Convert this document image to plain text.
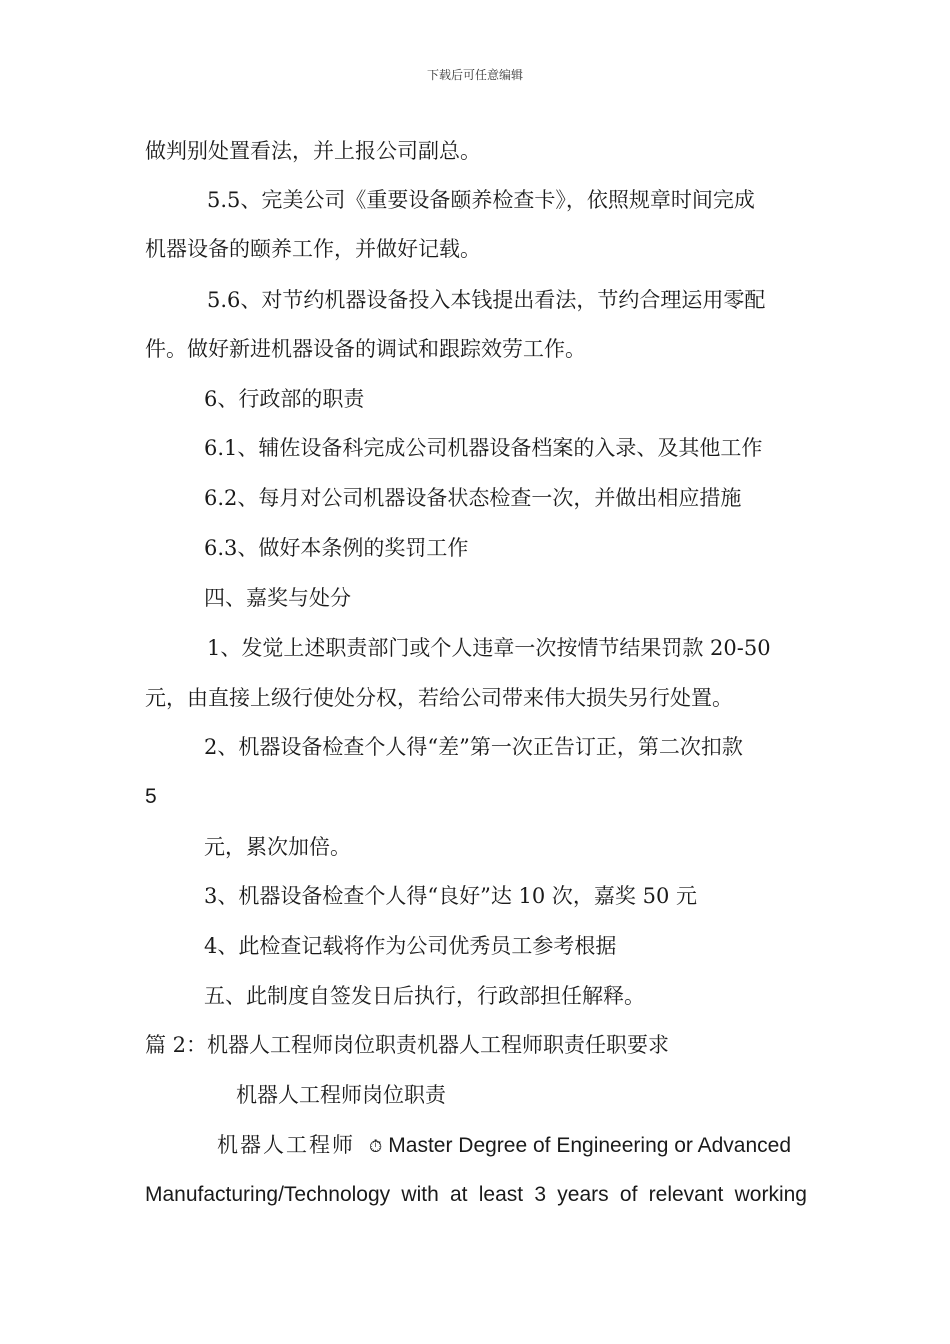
下载后可任意编辑
做判别处置看法，并上报公司副总。
5.5、完美公司《重要设备颐养检查卡》，依照规章时间完成
机器设备的颐养工作，并做好记载。
5.6、对节约机器设备投入本钱提出看法，节约合理运用零配
件。做好新进机器设备的调试和跟踪效劳工作。
6、行政部的职责
6.1、辅佐设备科完成公司机器设备档案的入录、及其他工作
6.2、每月对公司机器设备状态检查一次，并做出相应措施
6.3、做好本条例的奖罚工作
四、嘉奖与处分
1、发觉上述职责部门或个人违章一次按情节结果罚款 20-50
元，由直接上级行使处分权，若给公司带来伟大损失另行处置。
2、机器设备检查个人得“差”第一次正告订正，第二次扣款
5
元，累次加倍。
3、机器设备检查个人得“良好”达 10 次，嘉奖 50 元
4、此检查记载将作为公司优秀员工参考根据
五、此制度自签发日后执行，行政部担任解释。
篇 2：机器人工程师岗位职责机器人工程师职责任职要求
机器人工程师岗位职责
机器人工程师 ⏱ Master Degree of Engineering or Advanced
Manufacturing/Technology with at least 3 years of relevant working
